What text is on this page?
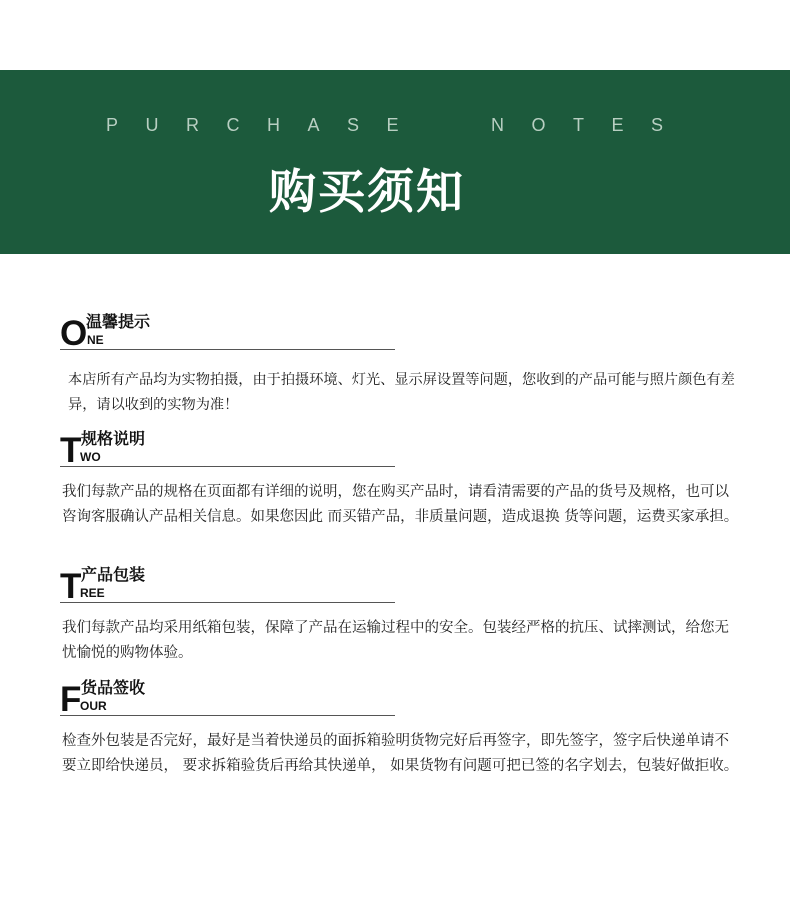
PURCHASE  NOTES

购买须知

O

温馨提示

NE

本店所有产品均为实物拍摄，由于拍摄环境、灯光、显示屏设置等问题，您收到的产品可能与照片颜色有差异，请以收到的实物为准！

T 规格说明

WO

我们每款产品的规格在页面都有详细的说明，您在购买产品时，请看清需要的产品的货号及规格，也可以咨询客服确认产品相关信息。如果您因此 而买错产品，非质量问题，造成退换 货等问题，运费买家承担。

T 产品包装

REE

我们每款产品均采用纸箱包装，保障了产品在运输过程中的安全。包装经严格的抗压、试摔测试，给您无忧愉悦的购物体验。

F 货品签收

OUR

检查外包装是否完好，最好是当着快递员的面拆箱验明货物完好后再签字，即先签字，签字后快递单请不要立即给快递员， 要求拆箱验货后再给其快递单， 如果货物有问题可把已签的名字划去，包装好做拒收。
